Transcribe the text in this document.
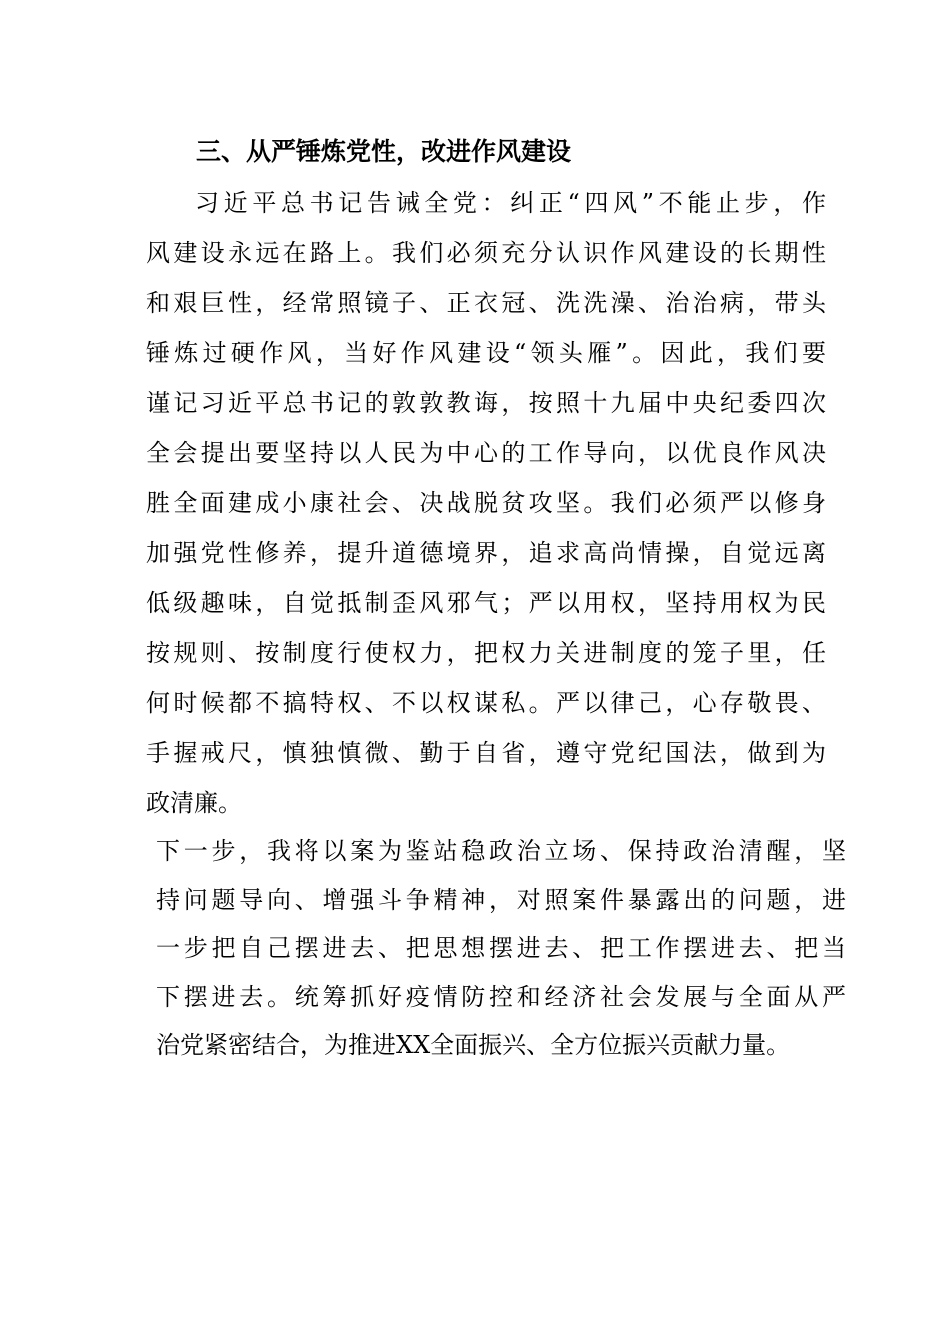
三、从严锤炼党性，改进作风建设
习近平总书记告诫全党：纠正“四风”不能止步，作
风建设永远在路上。我们必须充分认识作风建设的长期性
和艰巨性，经常照镜子、正衣冠、洗洗澡、治治病，带头
锤炼过硬作风，当好作风建设“领头雁”。因此，我们要
谨记习近平总书记的敦敦教诲，按照十九届中央纪委四次
全会提出要坚持以人民为中心的工作导向，以优良作风决
胜全面建成小康社会、决战脱贫攻坚。我们必须严以修身
加强党性修养，提升道德境界，追求高尚情操，自觉远离
低级趣味，自觉抵制歪风邪气；严以用权，坚持用权为民
按规则、按制度行使权力，把权力关进制度的笼子里，任
何时候都不搞特权、不以权谋私。严以律己，心存敬畏、
手握戒尺，慎独慎微、勤于自省，遵守党纪国法，做到为
政清廉。
下一步，我将以案为鉴站稳政治立场、保持政治清醒，坚
持问题导向、增强斗争精神，对照案件暴露出的问题，进
一步把自己摆进去、把思想摆进去、把工作摆进去、把当
下摆进去。统筹抓好疫情防控和经济社会发展与全面从严
治党紧密结合，为推进XX全面振兴、全方位振兴贡献力量。
